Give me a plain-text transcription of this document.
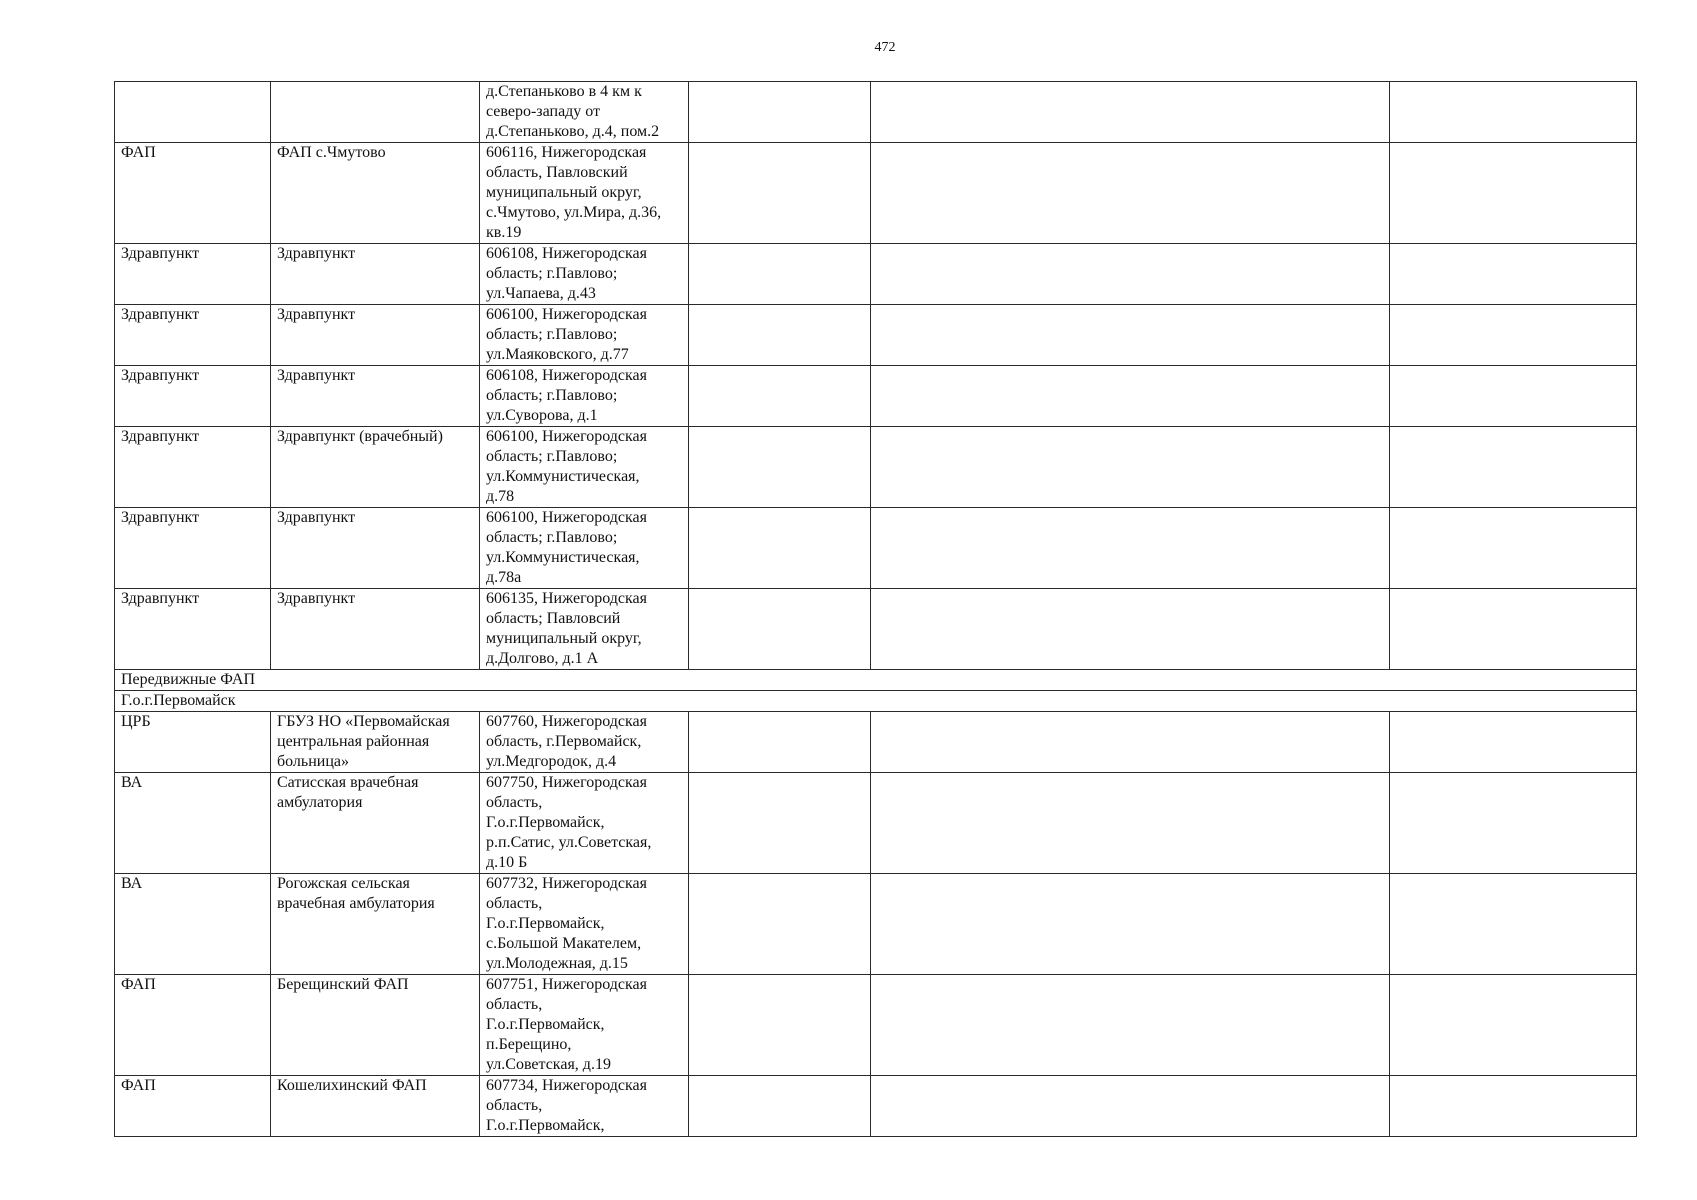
472
		д.Степаньково в 4 км к
северо-западу от
д.Степаньково, д.4, пом.2			
ФАП	ФАП с.Чмутово	606116, Нижегородская
область, Павловский
муниципальный округ,
с.Чмутово, ул.Мира, д.36,
кв.19			
Здравпункт	Здравпункт	606108, Нижегородская
область; г.Павлово;
ул.Чапаева, д.43			
Здравпункт	Здравпункт	606100, Нижегородская
область; г.Павлово;
ул.Маяковского, д.77			
Здравпункт	Здравпункт	606108, Нижегородская
область; г.Павлово;
ул.Суворова, д.1			
Здравпункт	Здравпункт (врачебный)	606100, Нижегородская
область; г.Павлово;
ул.Коммунистическая,
д.78			
Здравпункт	Здравпункт	606100, Нижегородская
область; г.Павлово;
ул.Коммунистическая,
д.78а			
Здравпункт	Здравпункт	606135, Нижегородская
область; Павловсий
муниципальный округ,
д.Долгово, д.1 А			
Передвижные ФАП					
Г.о.г.Первомайск					
ЦРБ	ГБУЗ НО «Первомайская
центральная районная
больница»	607760, Нижегородская
область, г.Первомайск,
ул.Медгородок, д.4			
ВА	Сатисская врачебная
амбулатория	607750, Нижегородская
область,
Г.о.г.Первомайск,
р.п.Сатис, ул.Советская,
д.10 Б			
ВА	Рогожская сельская
врачебная амбулатория	607732, Нижегородская
область,
Г.о.г.Первомайск,
с.Большой Макателем,
ул.Молодежная, д.15			
ФАП	Берещинский ФАП	607751, Нижегородская
область,
Г.о.г.Первомайск,
п.Берещино,
ул.Советская, д.19			
ФАП	Кошелихинский ФАП	607734, Нижегородская
область,
Г.о.г.Первомайск,			
